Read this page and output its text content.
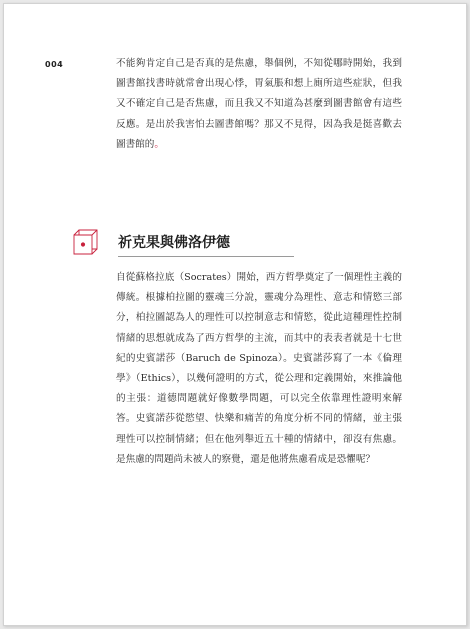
004	不能夠肯定自己是否真的是焦慮，舉個例，不知從哪時開始，我到圖書館找書時就常會出現心悸，胃氣脹和想上廁所這些症狀，但我又不確定自己是否焦慮，而且我又不知道為甚麼到圖書館會有這些反應。是出於我害怕去圖書館嗎？那又不見得，因為我是挺喜歡去圖書館的。

祈克果與佛洛伊德

自從蘇格拉底（Socrates）開始，西方哲學奠定了一個理性主義的傳統。根據柏拉圖的靈魂三分說，靈魂分為理性、意志和情慾三部分，柏拉圖認為人的理性可以控制意志和情慾，從此這種理性控制情緒的思想就成為了西方哲學的主流，而其中的表表者就是十七世紀的史賓諾莎（Baruch de Spinoza）。史賓諾莎寫了一本《倫理學》（Ethics），以幾何證明的方式，從公理和定義開始，來推論他的主張：道德問題就好像數學問題，可以完全依靠理性證明來解答。史賓諾莎從慾望、快樂和痛苦的角度分析不同的情緒，並主張理性可以控制情緒；但在他列舉近五十種的情緒中，卻沒有焦慮。是焦慮的問題尚未被人的察覺，還是他將焦慮看成是恐懼呢？
